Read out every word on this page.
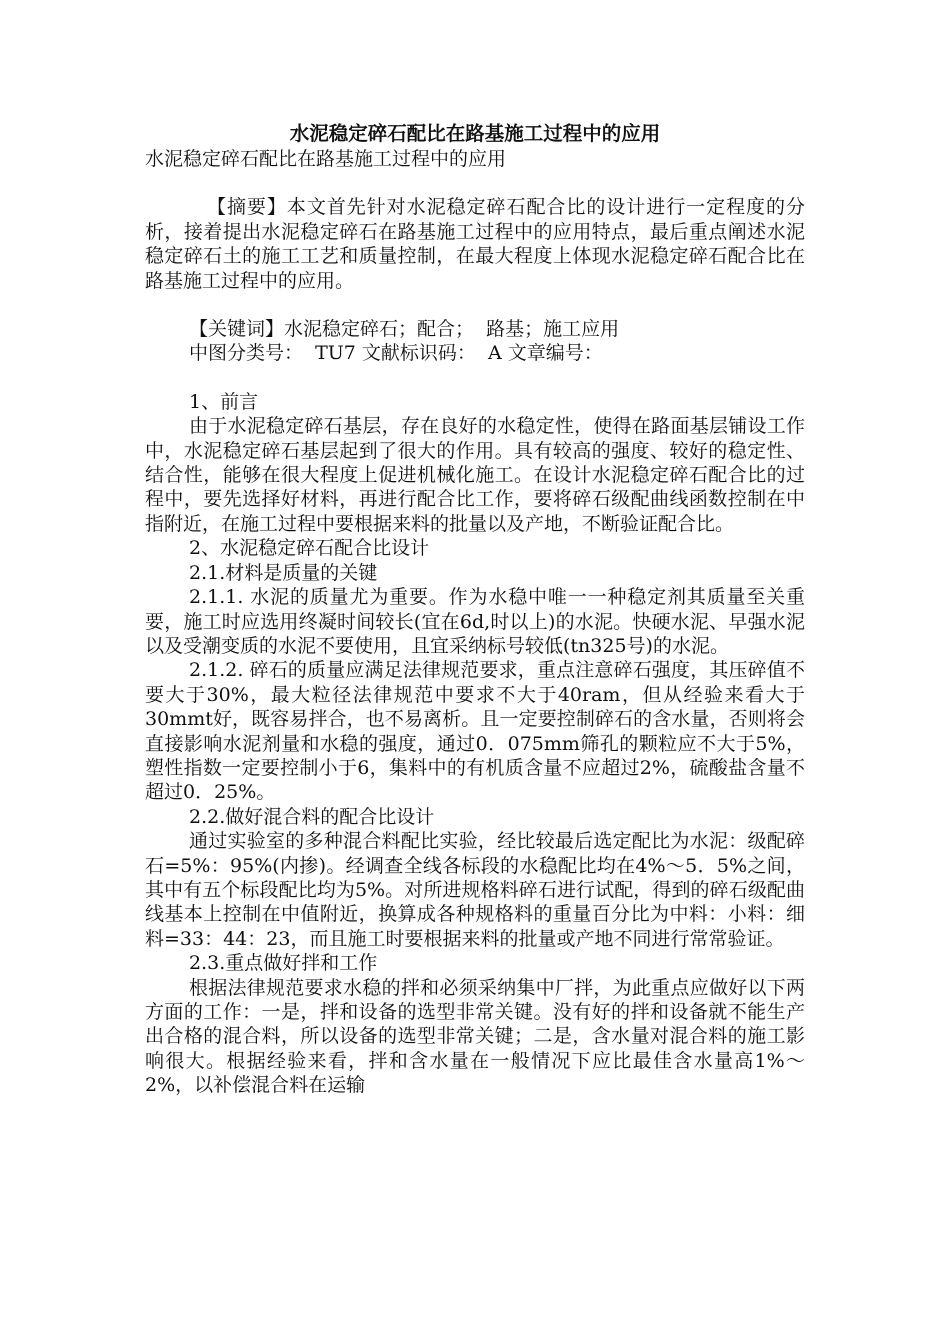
水泥稳定碎石配比在路基施工过程中的应用

水泥稳定碎石配比在路基施工过程中的应用

【摘要】本文首先针对水泥稳定碎石配合比的设计进行一定程度的分析，接着提出水泥稳定碎石在路基施工过程中的应用特点，最后重点阐述水泥稳定碎石土的施工工艺和质量控制，在最大程度上体现水泥稳定碎石配合比在路基施工过程中的应用。

【关键词】水泥稳定碎石；配合；  路基；施工应用

中图分类号：  TU7 文献标识码：  A 文章编号：

1、前言

由于水泥稳定碎石基层，存在良好的水稳定性，使得在路面基层铺设工作中，水泥稳定碎石基层起到了很大的作用。具有较高的强度、较好的稳定性、结合性，能够在很大程度上促进机械化施工。在设计水泥稳定碎石配合比的过程中，要先选择好材料，再进行配合比工作，要将碎石级配曲线函数控制在中指附近，在施工过程中要根据来料的批量以及产地，不断验证配合比。

2、水泥稳定碎石配合比设计

2.1.材料是质量的关键

2.1.1. 水泥的质量尤为重要。作为水稳中唯一一种稳定剂其质量至关重要，施工时应选用终凝时间较长(宜在6d,时以上)的水泥。快硬水泥、早强水泥以及受潮变质的水泥不要使用，且宜采纳标号较低(tn325号)的水泥。

2.1.2. 碎石的质量应满足法律规范要求，重点注意碎石强度，其压碎值不要大于30%，最大粒径法律规范中要求不大于40ram，但从经验来看大于30mmt好，既容易拌合，也不易离析。且一定要控制碎石的含水量，否则将会直接影响水泥剂量和水稳的强度，通过0．075mm筛孔的颗粒应不大于5%，塑性指数一定要控制小于6，集料中的有机质含量不应超过2%，硫酸盐含量不超过0．25%。

2.2.做好混合料的配合比设计

通过实验室的多种混合料配比实验，经比较最后选定配比为水泥：级配碎石=5%：95%(内掺)。经调查全线各标段的水稳配比均在4%～5．5%之间，其中有五个标段配比均为5%。对所进规格料碎石进行试配，得到的碎石级配曲线基本上控制在中值附近，换算成各种规格料的重量百分比为中料：小料：细料=33：44：23，而且施工时要根据来料的批量或产地不同进行常常验证。

2.3.重点做好拌和工作

根据法律规范要求水稳的拌和必须采纳集中厂拌，为此重点应做好以下两方面的工作：一是，拌和设备的选型非常关键。没有好的拌和设备就不能生产出合格的混合料，所以设备的选型非常关键；二是，含水量对混合料的施工影响很大。根据经验来看，拌和含水量在一般情况下应比最佳含水量高1%～2%，以补偿混合料在运输
